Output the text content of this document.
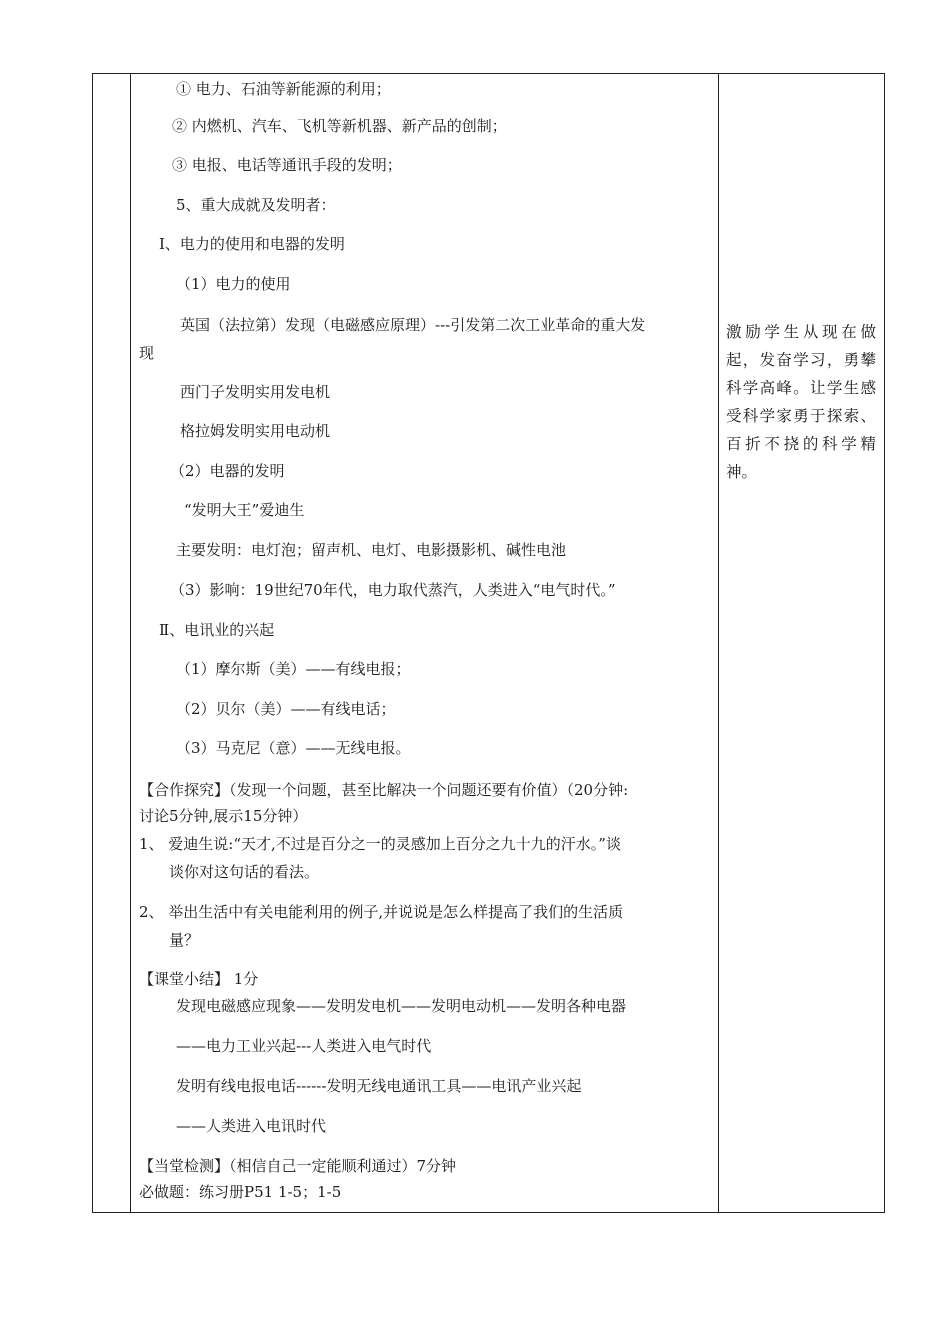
① 电力、石油等新能源的利用；
② 内燃机、汽车、飞机等新机器、新产品的创制；
③ 电报、电话等通讯手段的发明；
5、重大成就及发明者：
Ⅰ、电力的使用和电器的发明
（1）电力的使用
英国（法拉第）发现（电磁感应原理）---引发第二次工业革命的重大发
现
西门子发明实用发电机
格拉姆发明实用电动机
（2）电器的发明
“发明大王”爱迪生
主要发明：电灯泡；留声机、电灯、电影摄影机、碱性电池
（3）影响：19世纪70年代，电力取代蒸汽，人类进入“电气时代。”
Ⅱ、电讯业的兴起
（1）摩尔斯（美）——有线电报；
（2）贝尔（美）——有线电话；
（3）马克尼（意）——无线电报。
【合作探究】（发现一个问题，甚至比解决一个问题还要有价值）（20分钟:
讨论5分钟,展示15分钟）
1、 爱迪生说:“天才,不过是百分之一的灵感加上百分之九十九的汗水。”谈
谈你对这句话的看法。
2、 举出生活中有关电能利用的例子,并说说是怎么样提高了我们的生活质
量？
【课堂小结】 1分
发现电磁感应现象——发明发电机——发明电动机——发明各种电器
——电力工业兴起---人类进入电气时代
发明有线电报电话------发明无线电通讯工具——电讯产业兴起
——人类进入电讯时代
【当堂检测】（相信自己一定能顺利通过）7分钟
必做题：练习册P51 1-5；1-5
激励学生从现在做起，发奋学习，勇攀科学高峰。让学生感受科学家勇于探索、百折不挠的科学精神。
